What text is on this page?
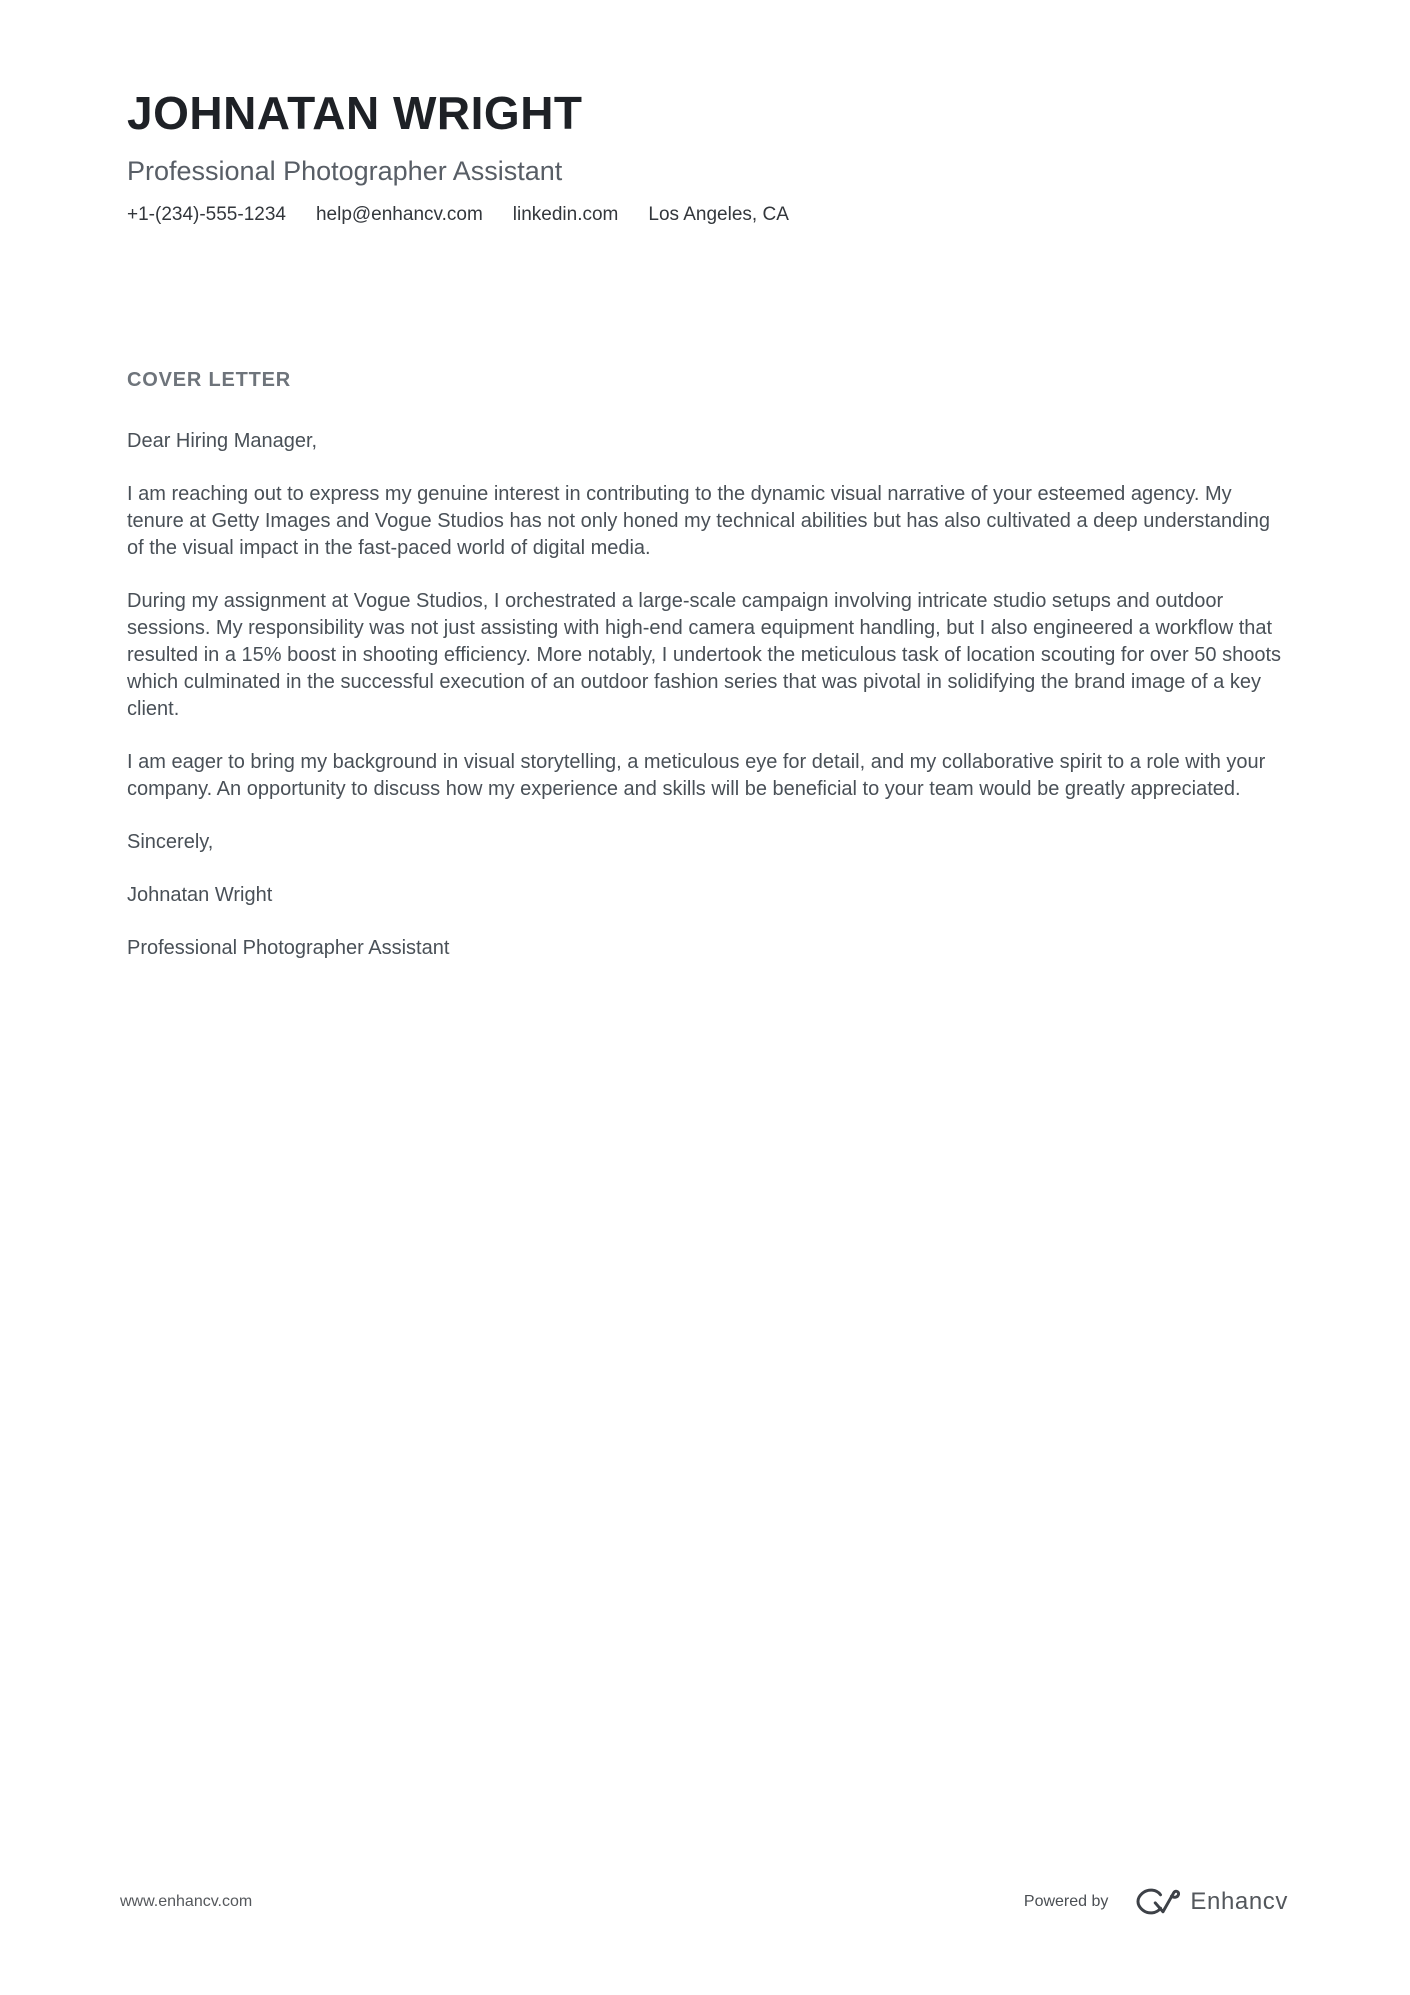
JOHNATAN WRIGHT
Professional Photographer Assistant
+1-(234)-555-1234 help@enhancv.com linkedin.com Los Angeles, CA
COVER LETTER

Dear Hiring Manager,

I am reaching out to express my genuine interest in contributing to the dynamic visual narrative of your esteemed agency. My tenure at Getty Images and Vogue Studios has not only honed my technical abilities but has also cultivated a deep understanding of the visual impact in the fast-paced world of digital media.

During my assignment at Vogue Studios, I orchestrated a large-scale campaign involving intricate studio setups and outdoor sessions. My responsibility was not just assisting with high-end camera equipment handling, but I also engineered a workflow that resulted in a 15% boost in shooting efficiency. More notably, I undertook the meticulous task of location scouting for over 50 shoots which culminated in the successful execution of an outdoor fashion series that was pivotal in solidifying the brand image of a key client.

I am eager to bring my background in visual storytelling, a meticulous eye for detail, and my collaborative spirit to a role with your company. An opportunity to discuss how my experience and skills will be beneficial to your team would be greatly appreciated.

Sincerely,

Johnatan Wright

Professional Photographer Assistant

www.enhancv.com	Powered by	Enhancv
